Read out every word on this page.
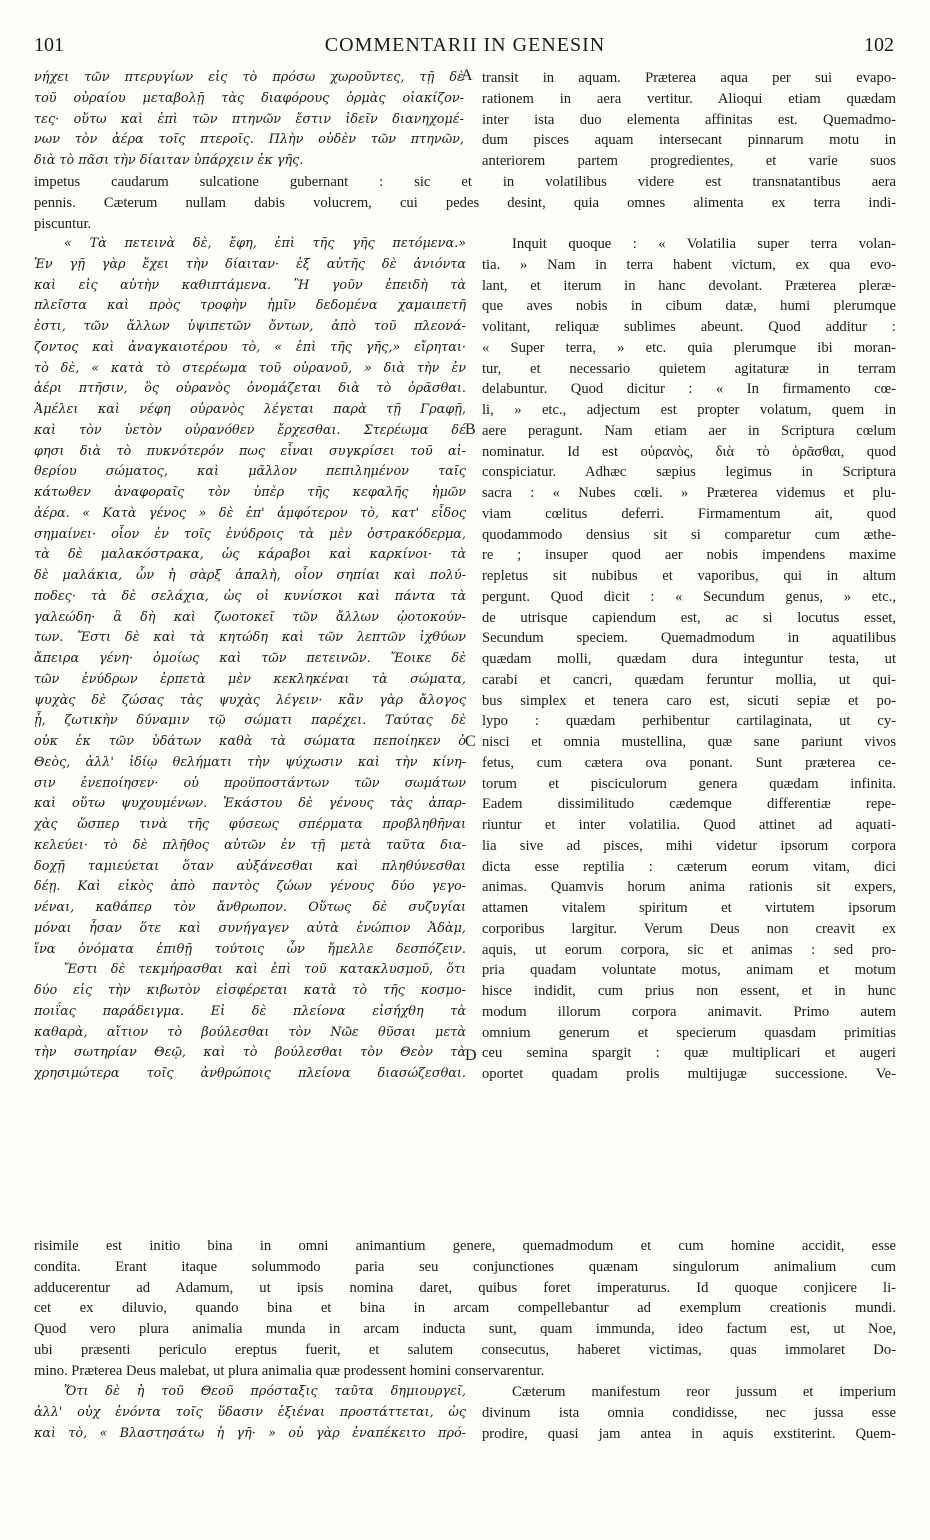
101	COMMENTARII IN GENESIN	102
A
B
C
D
νήχει τῶν πτερυγίων εἰς τὸ πρόσω χωροῦντες, τῇ δὲ
τοῦ οὐραίου μεταβολῇ τὰς διαφόρους ὁρμὰς οἰακίζον-
τες· οὕτω καὶ ἐπὶ τῶν πτηνῶν ἔστιν ἰδεῖν διανηχομέ-
νων τὸν ἀέρα τοῖς πτεροῖς. Πλὴν οὐδὲν τῶν πτηνῶν,
διὰ τὸ πᾶσι τὴν δίαιταν ὑπάρχειν ἐκ γῆς.
transit in aquam. Præterea aqua per sui evapo-
rationem in aera vertitur. Alioqui etiam quædam
inter ista duo elementa affinitas est. Quemadmo-
dum pisces aquam intersecant pinnarum motu in
anteriorem partem progredientes, et varie suos
impetus caudarum sulcatione gubernant : sic et in volatilibus videre est transnatantibus aera
pennis. Cæterum nullam dabis volucrem, cui pedes desint, quia omnes alimenta ex terra indi-
piscuntur.
« Τὰ πετεινὰ δὲ, ἔφη, ἐπὶ τῆς γῆς πετόμενα.»
Ἐν γῇ γὰρ ἔχει τὴν δίαιταν· ἐξ αὐτῆς δὲ ἀνιόντα
καὶ εἰς αὐτὴν καθιπτάμενα. Ἢ γοῦν ἐπειδὴ τὰ
πλεῖστα καὶ πρὸς τροφὴν ἡμῖν δεδομένα χαμαιπετῆ
ἐστι, τῶν ἄλλων ὑψιπετῶν ὄντων, ἀπὸ τοῦ πλεονά-
ζοντος καὶ ἀναγκαιοτέρου τὸ, « ἐπὶ τῆς γῆς,» εἴρηται·
τὸ δὲ, « κατὰ τὸ στερέωμα τοῦ οὐρανοῦ, » διὰ τὴν ἐν
ἀέρι πτῆσιν, ὃς οὐρανὸς ὀνομάζεται διὰ τὸ ὁρᾶσθαι.
Ἀμέλει καὶ νέφη οὐρανὸς λέγεται παρὰ τῇ Γραφῇ,
καὶ τὸν ὑετὸν οὐρανόθεν ἔρχεσθαι. Στερέωμα δέ
φησι διὰ τὸ πυκνότερόν πως εἶναι συγκρίσει τοῦ αἰ-
θερίου σώματος, καὶ μᾶλλον πεπιλημένον ταῖς
κάτωθεν ἀναφοραῖς τὸν ὑπὲρ τῆς κεφαλῆς ἡμῶν
ἀέρα. « Κατὰ γένος » δὲ ἐπ' ἀμφότερον τὸ, κατ' εἶδος
σημαίνει· οἷον ἐν τοῖς ἐνύδροις τὰ μὲν ὀστρακόδερμα,
τὰ δὲ μαλακόστρακα, ὡς κάραβοι καὶ καρκίνοι· τὰ
δὲ μαλάκια, ὧν ἡ σὰρξ ἁπαλὴ, οἷον σηπίαι καὶ πολύ-
ποδες· τὰ δὲ σελάχια, ὡς οἱ κυνίσκοι καὶ πάντα τὰ
γαλεώδη· ἃ δὴ καὶ ζωοτοκεῖ τῶν ἄλλων ᾠοτοκούν-
των. Ἔστι δὲ καὶ τὰ κητώδη καὶ τῶν λεπτῶν ἰχθύων
ἄπειρα γένη· ὁμοίως καὶ τῶν πετεινῶν. Ἔοικε δὲ
τῶν ἐνύδρων ἑρπετὰ μὲν κεκληκέναι τὰ σώματα,
ψυχὰς δὲ ζώσας τὰς ψυχὰς λέγειν· κἂν γὰρ ἄλογος
ᾖ, ζωτικὴν δύναμιν τῷ σώματι παρέχει. Ταύτας δὲ
οὐκ ἐκ τῶν ὑδάτων καθὰ τὰ σώματα πεποίηκεν ὁ
Θεὸς, ἀλλ' ἰδίῳ θελήματι τὴν ψύχωσιν καὶ τὴν κίνη-
σιν ἐνεποίησεν· οὐ προϋποστάντων τῶν σωμάτων
καὶ οὕτω ψυχουμένων. Ἑκάστου δὲ γένους τὰς ἀπαρ-
χὰς ὥσπερ τινὰ τῆς φύσεως σπέρματα προβληθῆναι
κελεύει· τὸ δὲ πλῆθος αὐτῶν ἐν τῇ μετὰ ταῦτα δια-
δοχῇ ταμιεύεται ὅταν αὐξάνεσθαι καὶ πληθύνεσθαι
δέῃ. Καὶ εἰκὸς ἀπὸ παντὸς ζώων γένους δύο γεγο-
νέναι, καθάπερ τὸν ἄνθρωπον. Οὕτως δὲ συζυγίαι
μόναι ἦσαν ὅτε καὶ συνήγαγεν αὐτὰ ἐνώπιον Ἀδὰμ,
ἵνα ὀνόματα ἐπιθῇ τούτοις ὧν ἤμελλε δεσπόζειν.
Ἔστι δὲ τεκμήρασθαι καὶ ἐπὶ τοῦ κατακλυσμοῦ, ὅτι
δύο εἰς τὴν κιβωτὸν εἰσφέρεται κατὰ τὸ τῆς κοσμο-
ποιΐας παράδειγμα. Εἰ δὲ πλείονα εἰσήχθη τὰ
καθαρὰ, αἴτιον τὸ βούλεσθαι τὸν Νῶε θῦσαι μετὰ
τὴν σωτηρίαν Θεῷ, καὶ τὸ βούλεσθαι τὸν Θεὸν τὰ
χρησιμώτερα τοῖς ἀνθρώποις πλείονα διασώζεσθαι.
Inquit quoque : « Volatilia super terra volan-
tia. » Nam in terra habent victum, ex qua evo-
lant, et iterum in hanc devolant. Præterea pleræ-
que aves nobis in cibum datæ, humi plerumque
volitant, reliquæ sublimes abeunt. Quod additur :
« Super terra, » etc. quia plerumque ibi moran-
tur, et necessario quietem agitaturæ in terram
delabuntur. Quod dicitur : « In firmamento cœ-
li, » etc., adjectum est propter volatum, quem in
aere peragunt. Nam etiam aer in Scriptura cœlum
nominatur. Id est οὐρανὸς, διὰ τὸ ὁρᾶσθαι, quod
conspiciatur. Adhæc sæpius legimus in Scriptura
sacra : « Nubes cœli. » Præterea videmus et plu-
viam cœlitus deferri. Firmamentum ait, quod
quodammodo densius sit si comparetur cum æthe-
re ; insuper quod aer nobis impendens maxime
repletus sit nubibus et vaporibus, qui in altum
pergunt. Quod dicit : « Secundum genus, » etc.,
de utrisque capiendum est, ac si locutus esset,
Secundum speciem. Quemadmodum in aquatilibus
quædam molli, quædam dura integuntur testa, ut
carabi et cancri, quædam feruntur mollia, ut qui-
bus simplex et tenera caro est, sicuti sepiæ et po-
lypo : quædam perhibentur cartilaginata, ut cy-
nisci et omnia mustellina, quæ sane pariunt vivos
fetus, cum cætera ova ponant. Sunt præterea ce-
torum et pisciculorum genera quædam infinita.
Eadem dissimilitudo cædemque differentiæ repe-
riuntur et inter volatilia. Quod attinet ad aquati-
lia sive ad pisces, mihi videtur ipsorum corpora
dicta esse reptilia : cæterum eorum vitam, dici
animas. Quamvis horum anima rationis sit expers,
attamen vitalem spiritum et virtutem ipsorum
corporibus largitur. Verum Deus non creavit ex
aquis, ut eorum corpora, sic et animas : sed pro-
pria quadam voluntate motus, animam et motum
hisce indidit, cum prius non essent, et in hunc
modum illorum corpora animavit. Primo autem
omnium generum et specierum quasdam primitias
ceu semina spargit : quæ multiplicari et augeri
oportet quadam prolis multijugæ successione. Ve-
risimile est initio bina in omni animantium genere, quemadmodum et cum homine accidit, esse
condita. Erant itaque solummodo paria seu conjunctiones quænam singulorum animalium cum
adducerentur ad Adamum, ut ipsis nomina daret, quibus foret imperaturus. Id quoque conjicere li-
cet ex diluvio, quando bina et bina in arcam compellebantur ad exemplum creationis mundi.
Quod vero plura animalia munda in arcam inducta sunt, quam immunda, ideo factum est, ut Noe,
ubi præsenti periculo ereptus fuerit, et salutem consecutus, haberet victimas, quas immolaret Do-
mino. Præterea Deus malebat, ut plura animalia quæ prodessent homini conservarentur.
Ὅτι δὲ ἡ τοῦ Θεοῦ πρόσταξις ταῦτα δημιουργεῖ,
ἀλλ' οὐχ ἐνόντα τοῖς ὕδασιν ἐξιέναι προστάττεται, ὡς
καὶ τὸ, « Βλαστησάτω ἡ γῆ· » οὐ γὰρ ἐναπέκειτο πρό-
Cæterum manifestum reor jussum et imperium
divinum ista omnia condidisse, nec jussa esse
prodire, quasi jam antea in aquis exstiterint. Quem-
